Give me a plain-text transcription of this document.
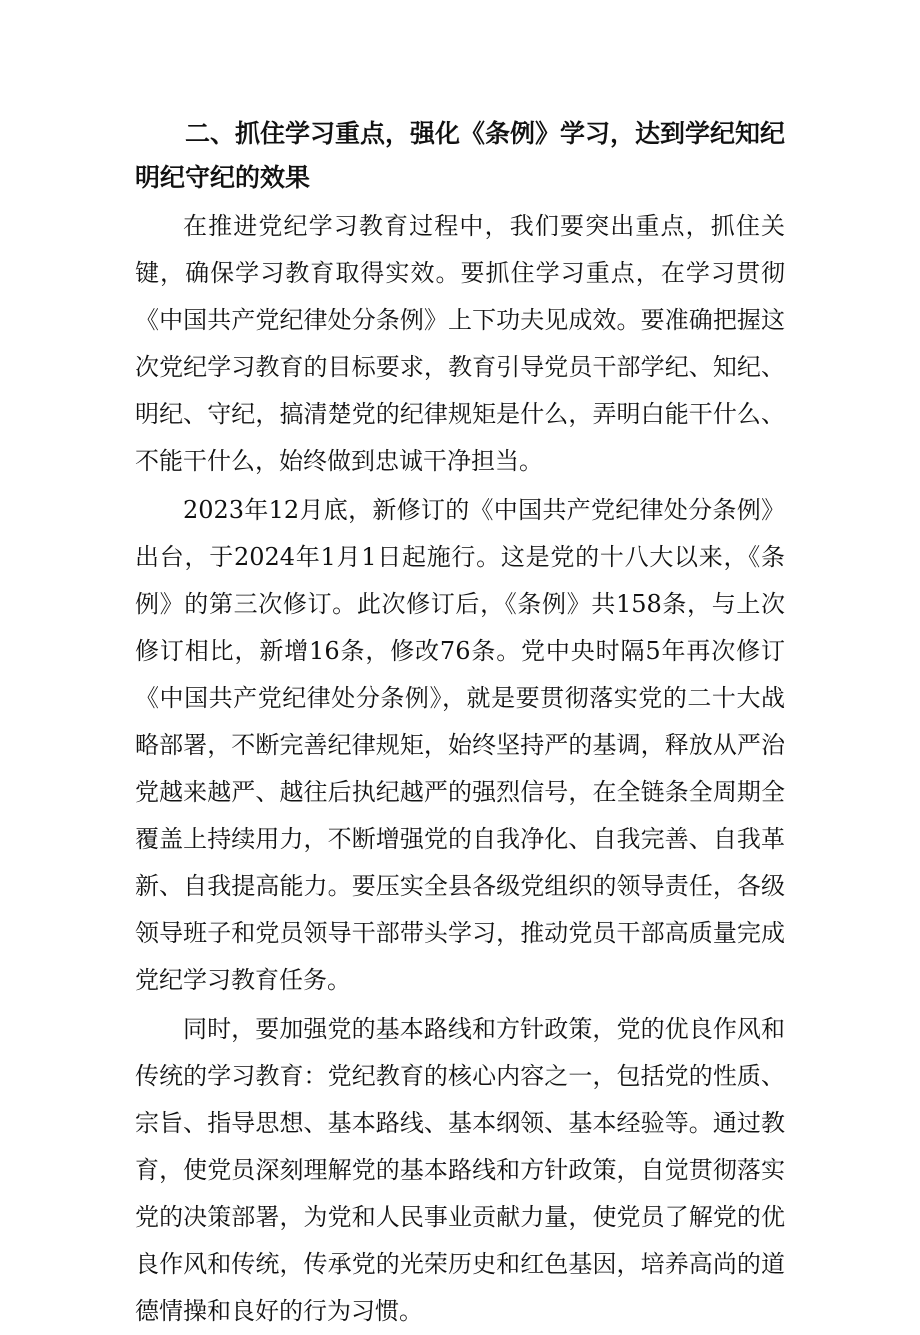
二、抓住学习重点，强化《条例》学习，达到学纪知纪明纪守纪的效果

在推进党纪学习教育过程中，我们要突出重点，抓住关键，确保学习教育取得实效。要抓住学习重点，在学习贯彻《中国共产党纪律处分条例》上下功夫见成效。要准确把握这次党纪学习教育的目标要求，教育引导党员干部学纪、知纪、明纪、守纪，搞清楚党的纪律规矩是什么，弄明白能干什么、不能干什么，始终做到忠诚干净担当。

2023年12月底，新修订的《中国共产党纪律处分条例》出台，于2024年1月1日起施行。这是党的十八大以来，《条例》的第三次修订。此次修订后，《条例》共158条，与上次修订相比，新增16条，修改76条。党中央时隔5年再次修订《中国共产党纪律处分条例》，就是要贯彻落实党的二十大战略部署，不断完善纪律规矩，始终坚持严的基调，释放从严治党越来越严、越往后执纪越严的强烈信号，在全链条全周期全覆盖上持续用力，不断增强党的自我净化、自我完善、自我革新、自我提高能力。要压实全县各级党组织的领导责任，各级领导班子和党员领导干部带头学习，推动党员干部高质量完成党纪学习教育任务。

同时，要加强党的基本路线和方针政策，党的优良作风和传统的学习教育：党纪教育的核心内容之一，包括党的性质、宗旨、指导思想、基本路线、基本纲领、基本经验等。通过教育，使党员深刻理解党的基本路线和方针政策，自觉贯彻落实党的决策部署，为党和人民事业贡献力量，使党员了解党的优良作风和传统，传承党的光荣历史和红色基因，培养高尚的道德情操和良好的行为习惯。
